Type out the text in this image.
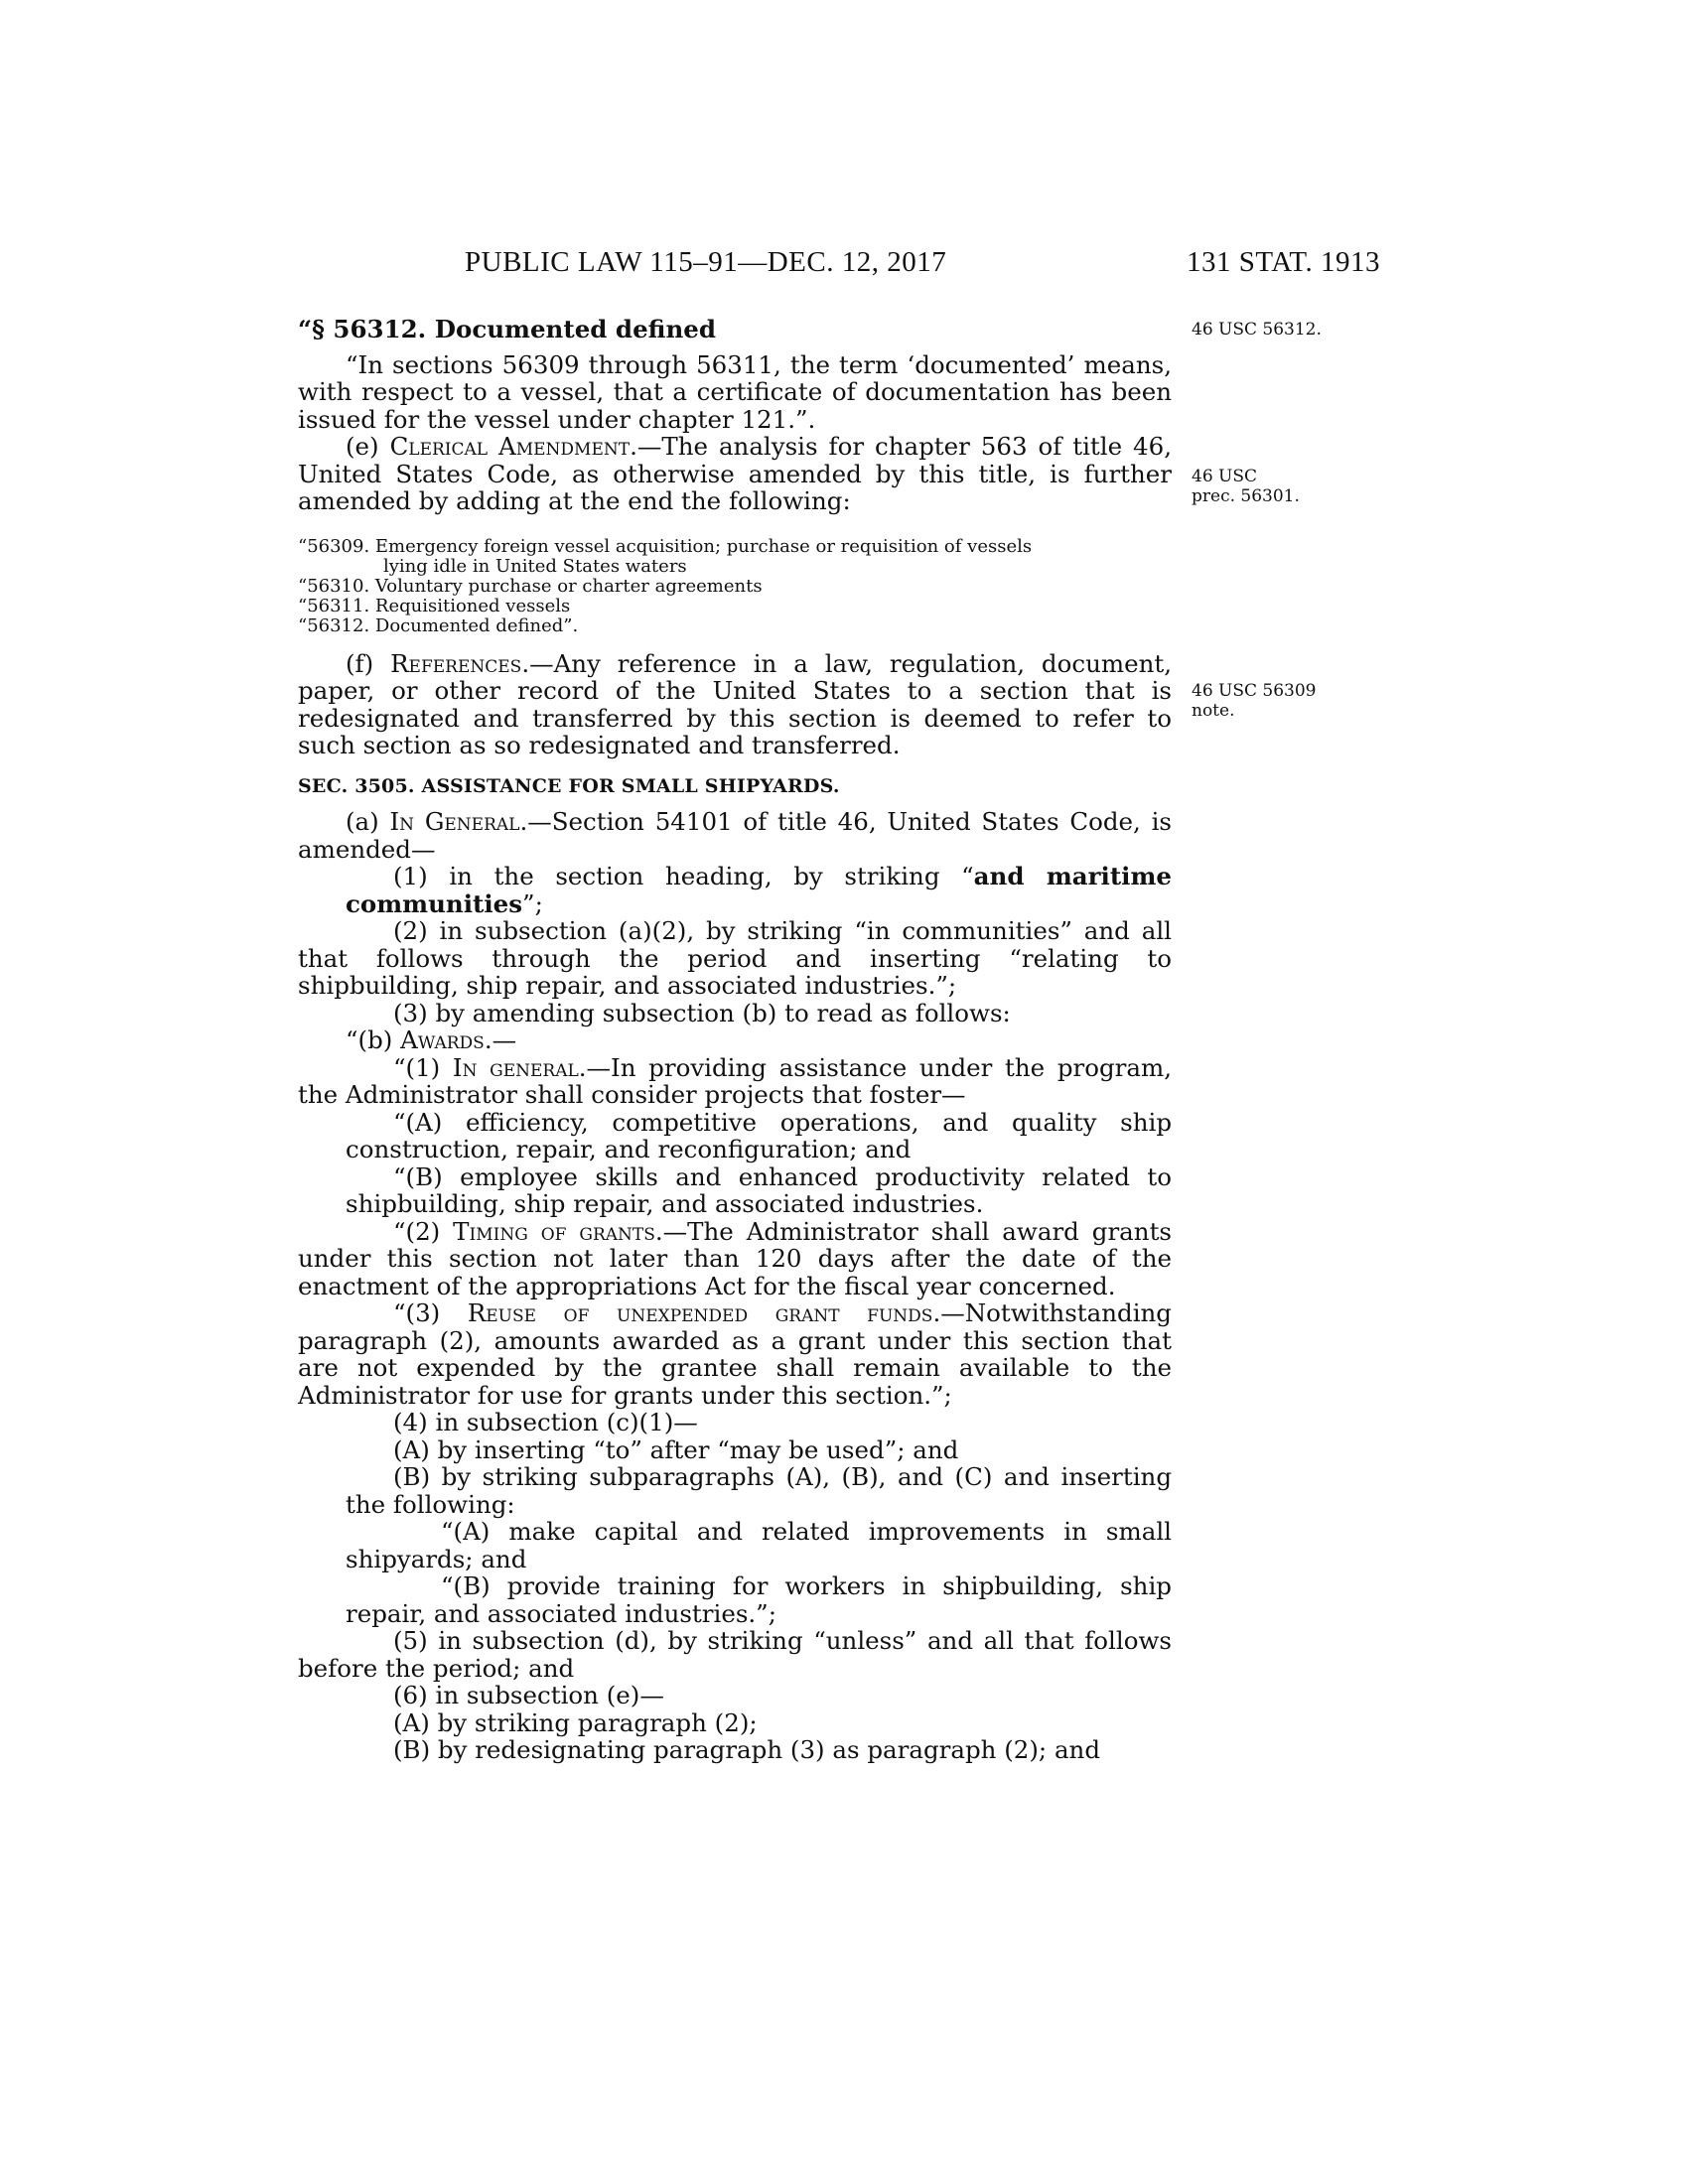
PUBLIC LAW 115–91—DEC. 12, 2017	131 STAT. 1913
46 USC 56312.
46 USC
prec. 56301.
46 USC 56309
note.

“§ 56312. Documented defined

“In sections 56309 through 56311, the term ‘documented’ means, with respect to a vessel, that a certificate of documentation has been issued for the vessel under chapter 121.”.

(e) Clerical Amendment.—The analysis for chapter 563 of title 46, United States Code, as otherwise amended by this title, is further amended by adding at the end the following:

“56309. Emergency foreign vessel acquisition; purchase or requisition of vessels
lying idle in United States waters
“56310. Voluntary purchase or charter agreements
“56311. Requisitioned vessels
“56312. Documented defined”.

(f) References.—Any reference in a law, regulation, document, paper, or other record of the United States to a section that is redesignated and transferred by this section is deemed to refer to such section as so redesignated and transferred.

SEC. 3505. ASSISTANCE FOR SMALL SHIPYARDS.

(a) In General.—Section 54101 of title 46, United States Code, is amended—

(1) in the section heading, by striking “and maritime communities”;

(2) in subsection (a)(2), by striking “in communities” and all that follows through the period and inserting “relating to shipbuilding, ship repair, and associated industries.”;

(3) by amending subsection (b) to read as follows:

“(b) Awards.—

“(1) In general.—In providing assistance under the program, the Administrator shall consider projects that foster—

“(A) efficiency, competitive operations, and quality ship construction, repair, and reconfiguration; and

“(B) employee skills and enhanced productivity related to shipbuilding, ship repair, and associated industries.

“(2) Timing of grants.—The Administrator shall award grants under this section not later than 120 days after the date of the enactment of the appropriations Act for the fiscal year concerned.

“(3) Reuse of unexpended grant funds.—Notwithstanding paragraph (2), amounts awarded as a grant under this section that are not expended by the grantee shall remain available to the Administrator for use for grants under this section.”;

(4) in subsection (c)(1)—

(A) by inserting “to” after “may be used”; and

(B) by striking subparagraphs (A), (B), and (C) and inserting the following:

“(A) make capital and related improvements in small shipyards; and

“(B) provide training for workers in shipbuilding, ship repair, and associated industries.”;

(5) in subsection (d), by striking “unless” and all that follows before the period; and

(6) in subsection (e)—

(A) by striking paragraph (2);

(B) by redesignating paragraph (3) as paragraph (2); and
